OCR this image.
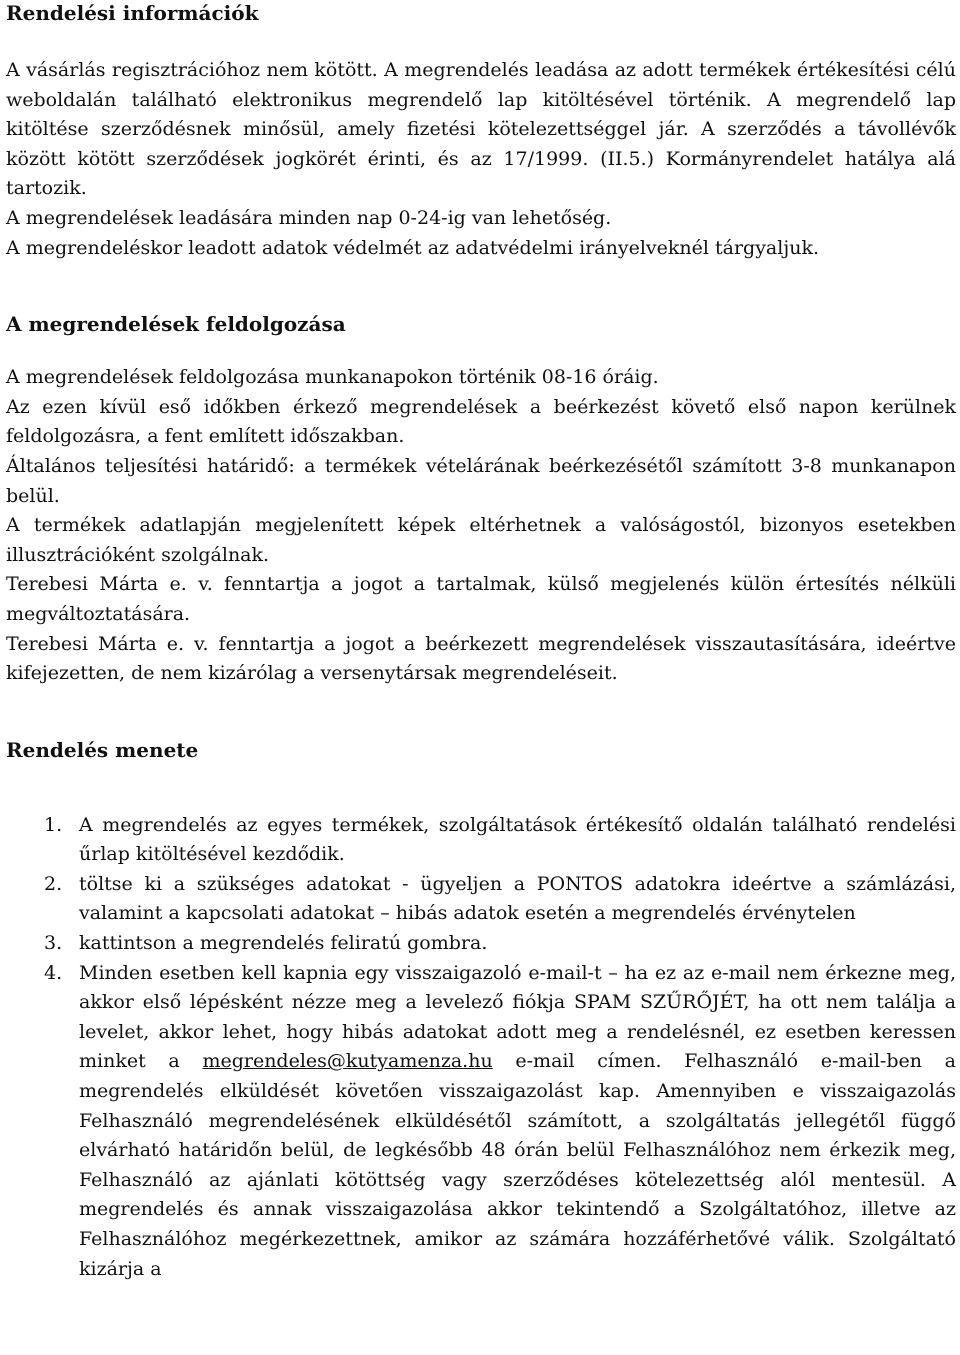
Rendelési információk

A vásárlás regisztrációhoz nem kötött. A megrendelés leadása az adott termékek értékesítési célú weboldalán található elektronikus megrendelő lap kitöltésével történik. A megrendelő lap kitöltése szerződésnek minősül, amely fizetési kötelezettséggel jár. A szerződés a távollévők között kötött szerződések jogkörét érinti, és az 17/1999. (II.5.) Kormányrendelet hatálya alá tartozik.

A megrendelések leadására minden nap 0-24-ig van lehetőség.

A megrendeléskor leadott adatok védelmét az adatvédelmi irányelveknél tárgyaljuk.

A megrendelések feldolgozása

A megrendelések feldolgozása munkanapokon történik 08-16 óráig.

Az ezen kívül eső időkben érkező megrendelések a beérkezést követő első napon kerülnek feldolgozásra, a fent említett időszakban.

Általános teljesítési határidő: a termékek vételárának beérkezésétől számított 3-8 munkanapon belül.

A termékek adatlapján megjelenített képek eltérhetnek a valóságostól, bizonyos esetekben illusztrációként szolgálnak.

Terebesi Márta e. v. fenntartja a jogot a tartalmak, külső megjelenés külön értesítés nélküli megváltoztatására.

Terebesi Márta e. v. fenntartja a jogot a beérkezett megrendelések visszautasítására, ideértve kifejezetten, de nem kizárólag a versenytársak megrendeléseit.

Rendelés menete
1. A megrendelés az egyes termékek, szolgáltatások értékesítő oldalán található rendelési űrlap kitöltésével kezdődik.
2. töltse ki a szükséges adatokat - ügyeljen a PONTOS adatokra ideértve a számlázási, valamint a kapcsolati adatokat – hibás adatok esetén a megrendelés érvénytelen
3. kattintson a megrendelés feliratú gombra.
4. Minden esetben kell kapnia egy visszaigazoló e-mail-t – ha ez az e-mail nem érkezne meg, akkor első lépésként nézze meg a levelező fiókja SPAM SZŰRŐJÉT, ha ott nem találja a levelet, akkor lehet, hogy hibás adatokat adott meg a rendelésnél, ez esetben keressen minket a megrendeles@kutyamenza.hu e-mail címen. Felhasználó e-mail-ben a megrendelés elküldését követően visszaigazolást kap. Amennyiben e visszaigazolás Felhasználó megrendelésének elküldésétől számított, a szolgáltatás jellegétől függő elvárható határidőn belül, de legkésőbb 48 órán belül Felhasználóhoz nem érkezik meg, Felhasználó az ajánlati kötöttség vagy szerződéses kötelezettség alól mentesül. A megrendelés és annak visszaigazolása akkor tekintendő a Szolgáltatóhoz, illetve az Felhasználóhoz megérkezettnek, amikor az számára hozzáférhetővé válik. Szolgáltató kizárja a
